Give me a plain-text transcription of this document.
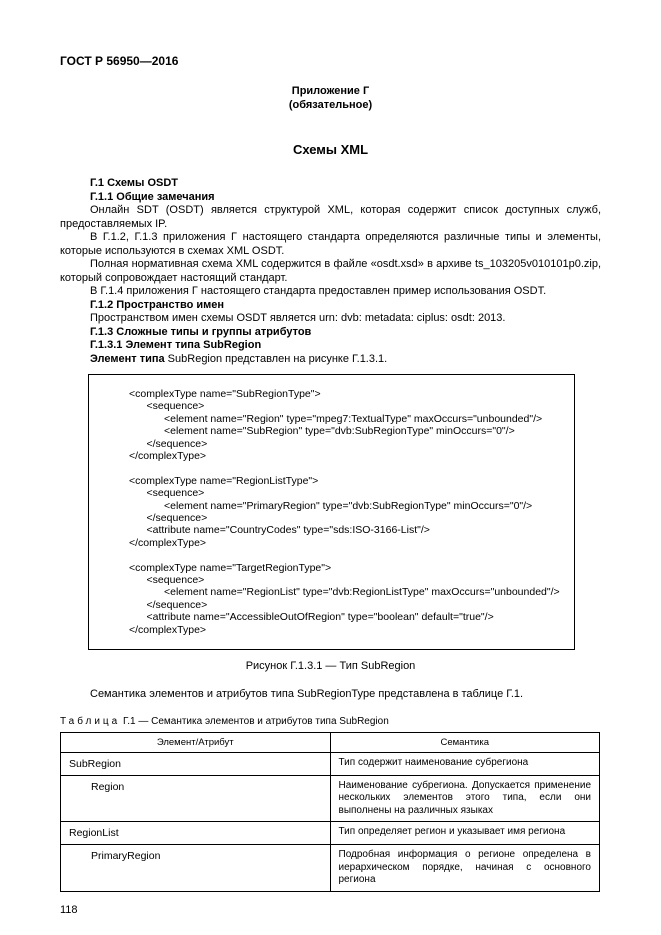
ГОСТ Р 56950—2016
Приложение Г
(обязательное)
Схемы XML

Г.1 Схемы OSDT

Г.1.1 Общие замечания

Онлайн SDT (OSDT) является структурой XML, которая содержит список доступных служб, предоставляемых IP.

В Г.1.2, Г.1.3 приложения Г настоящего стандарта определяются различные типы и элементы, которые используются в схемах XML OSDT.

Полная нормативная схема XML содержится в файле «osdt.xsd» в архиве ts_103205v010101p0.zip, который сопровождает настоящий стандарт.

В Г.1.4 приложения Г настоящего стандарта предоставлен пример использования OSDT.

Г.1.2 Пространство имен

Пространством имен схемы OSDT является urn: dvb: metadata: ciplus: osdt: 2013.

Г.1.3 Сложные типы и группы атрибутов

Г.1.3.1 Элемент типа SubRegion

Элемент типа SubRegion представлен на рисунке Г.1.3.1.

<complexType name="SubRegionType">
<sequence>
<element name="Region" type="mpeg7:TextualType" maxOccurs="unbounded"/>
<element name="SubRegion" type="dvb:SubRegionType" minOccurs="0"/>
</sequence>
</complexType>
<complexType name="RegionListType">
<sequence>
<element name="PrimaryRegion" type="dvb:SubRegionType" minOccurs="0"/>
</sequence>
<attribute name="CountryCodes" type="sds:ISO-3166-List"/>
</complexType>
<complexType name="TargetRegionType">
<sequence>
<element name="RegionList" type="dvb:RegionListType" maxOccurs="unbounded"/>
</sequence>
<attribute name="AccessibleOutOfRegion" type="boolean" default="true"/>
</complexType>
Рисунок Г.1.3.1 — Тип SubRegion

Семантика элементов и атрибутов типа SubRegionType представлена в таблице Г.1.

Таблица Г.1 — Семантика элементов и атрибутов типа SubRegion
Элемент/Атрибут	Семантика
SubRegion	Тип содержит наименование субрегиона
Region	Наименование субрегиона. Допускается применение нескольких элементов этого типа, если они выполнены на различных языках
RegionList	Тип определяет регион и указывает имя региона
PrimaryRegion	Подробная информация о регионе определена в иерархическом порядке, начиная с основного региона
118
